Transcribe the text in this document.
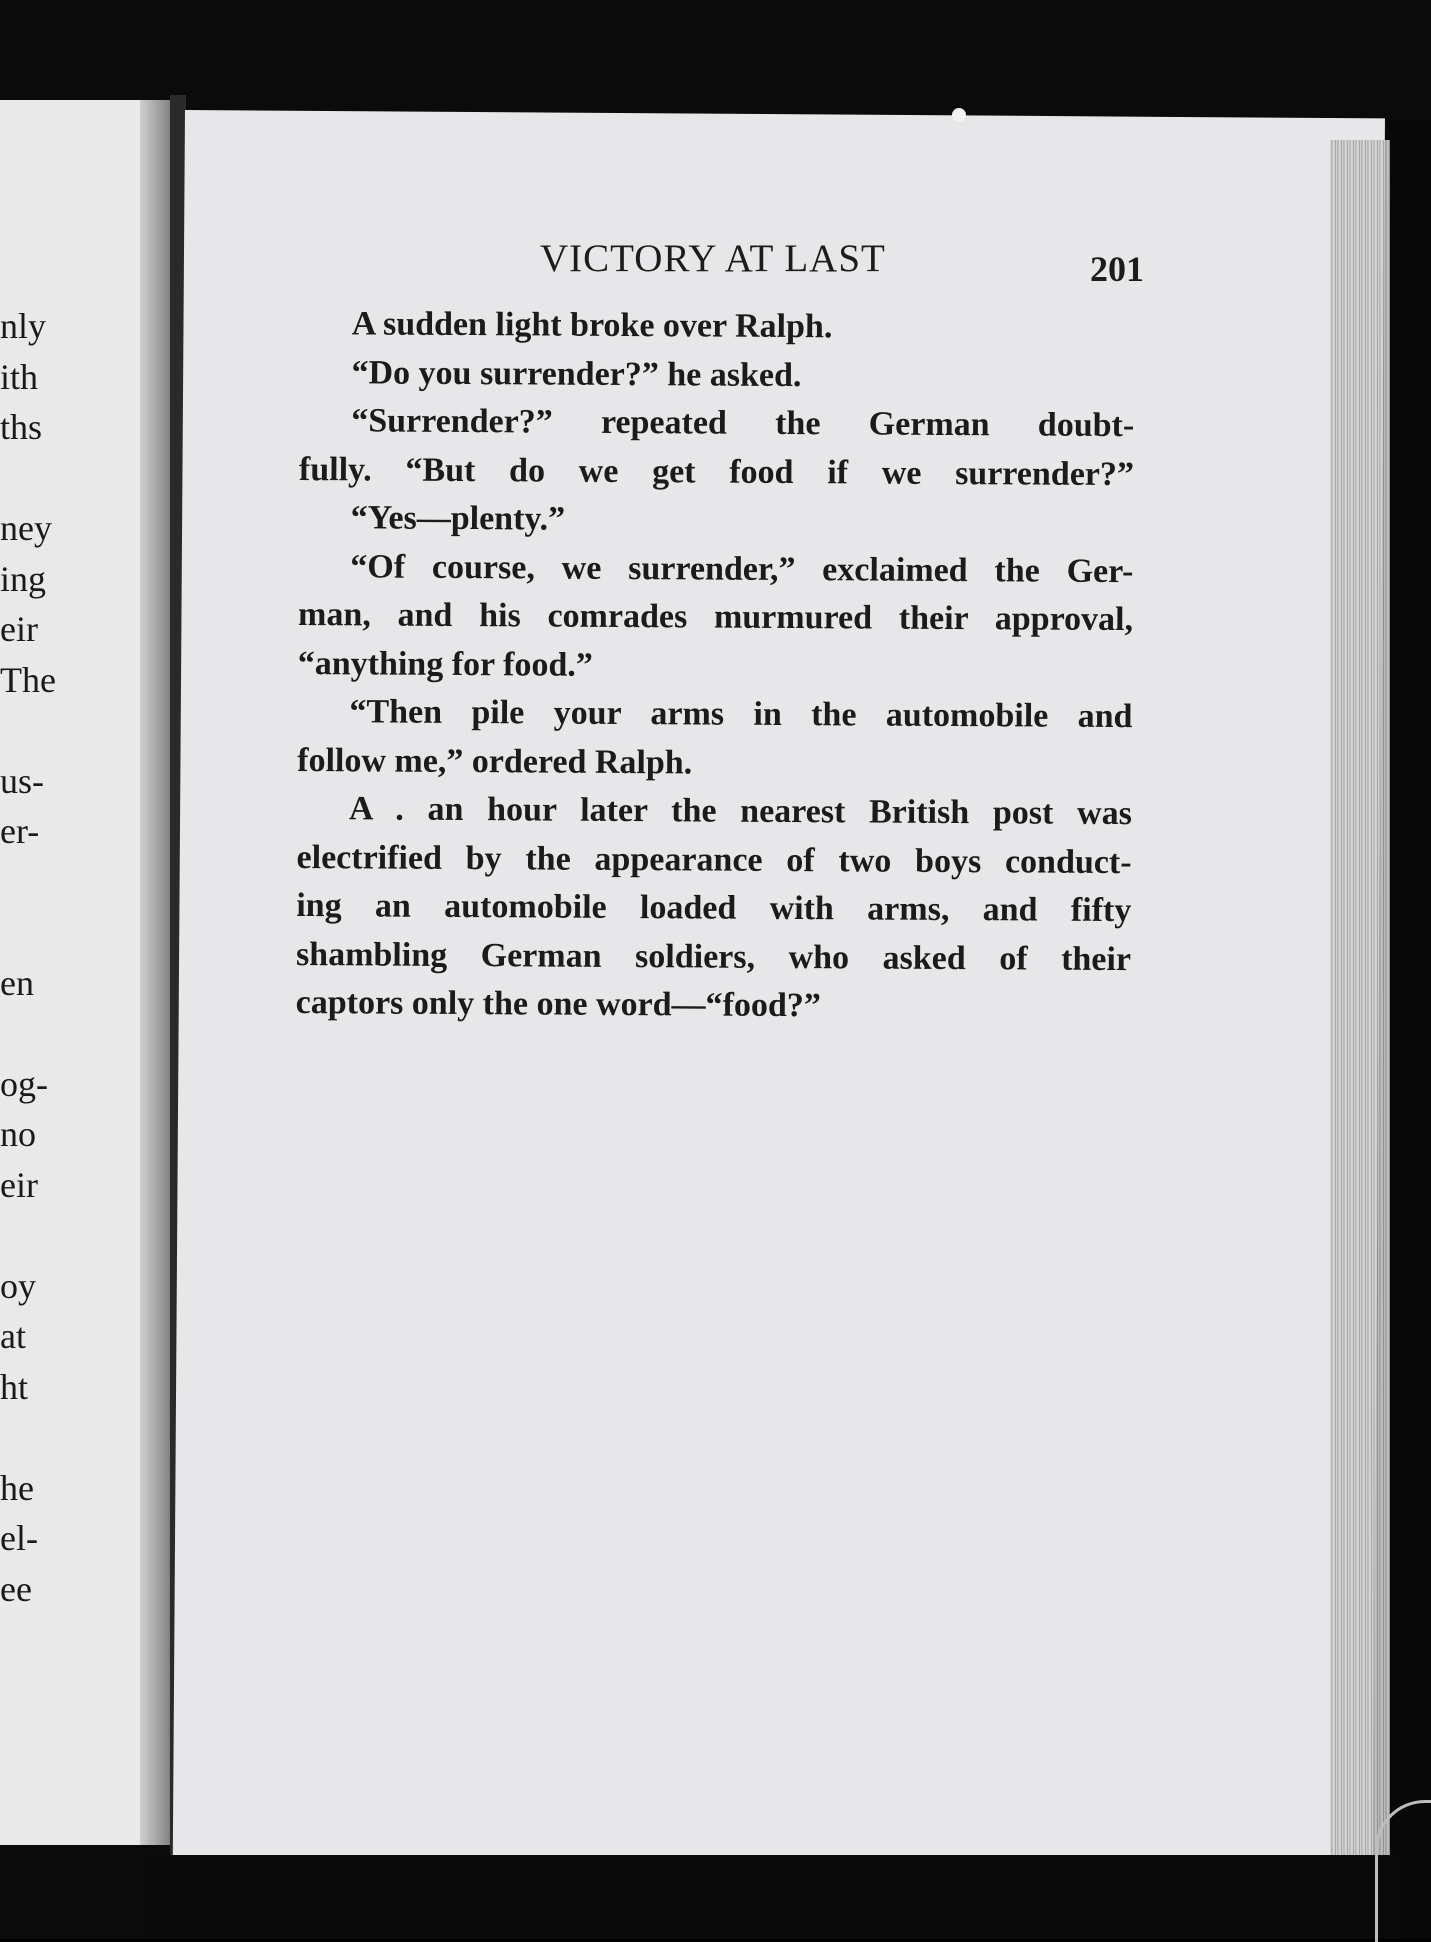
nly
ith
ths
ney
ing
eir
The
us-
er-
en
og-
no
eir
oy
at
ht
he
el-
ee
VICTORY AT LAST	201
A sudden light broke over Ralph.
“Do you surrender?” he asked.
“Surrender?” repeated the German doubt-
fully. “But do we get food if we surrender?”
“Yes—plenty.”
“Of course, we surrender,” exclaimed the Ger-
man, and his comrades murmured their approval,
“anything for food.”
“Then pile your arms in the automobile and
follow me,” ordered Ralph.
A . an hour later the nearest British post was
electrified by the appearance of two boys conduct-
ing an automobile loaded with arms, and fifty
shambling German soldiers, who asked of their
captors only the one word—“food?”
